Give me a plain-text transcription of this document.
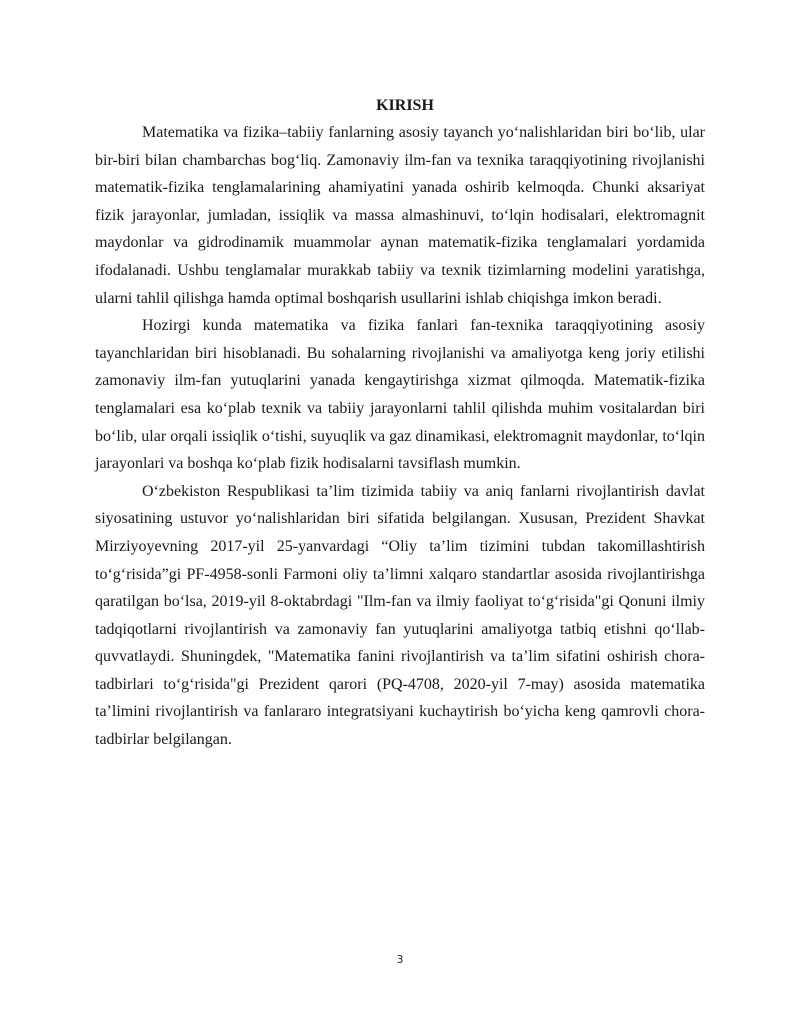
KIRISH

Matematika va fizika–tabiiy fanlarning asosiy tayanch yo‘nalishlaridan biri bo‘lib, ular bir-biri bilan chambarchas bog‘liq. Zamonaviy ilm-fan va texnika taraqqiyotining rivojlanishi matematik-fizika tenglamalarining ahamiyatini yanada oshirib kelmoqda. Chunki aksariyat fizik jarayonlar, jumladan, issiqlik va massa almashinuvi, to‘lqin hodisalari, elektromagnit maydonlar va gidrodinamik muammolar aynan matematik-fizika tenglamalari yordamida ifodalanadi. Ushbu tenglamalar murakkab tabiiy va texnik tizimlarning modelini yaratishga, ularni tahlil qilishga hamda optimal boshqarish usullarini ishlab chiqishga imkon beradi.

Hozirgi kunda matematika va fizika fanlari fan-texnika taraqqiyotining asosiy tayanchlaridan biri hisoblanadi. Bu sohalarning rivojlanishi va amaliyotga keng joriy etilishi zamonaviy ilm-fan yutuqlarini yanada kengaytirishga xizmat qilmoqda. Matematik-fizika tenglamalari esa ko‘plab texnik va tabiiy jarayonlarni tahlil qilishda muhim vositalardan biri bo‘lib, ular orqali issiqlik o‘tishi, suyuqlik va gaz dinamikasi, elektromagnit maydonlar, to‘lqin jarayonlari va boshqa ko‘plab fizik hodisalarni tavsiflash mumkin.

O‘zbekiston Respublikasi ta’lim tizimida tabiiy va aniq fanlarni rivojlantirish davlat siyosatining ustuvor yo‘nalishlaridan biri sifatida belgilangan. Xususan, Prezident Shavkat Mirziyoyevning 2017-yil 25-yanvardagi “Oliy ta’lim tizimini tubdan takomillashtirish to‘g‘risida”gi PF-4958-sonli Farmoni oliy ta’limni xalqaro standartlar asosida rivojlantirishga qaratilgan bo‘lsa, 2019-yil 8-oktabrdagi "Ilm-fan va ilmiy faoliyat to‘g‘risida"gi Qonuni ilmiy tadqiqotlarni rivojlantirish va zamonaviy fan yutuqlarini amaliyotga tatbiq etishni qo‘llab-quvvatlaydi. Shuningdek, "Matematika fanini rivojlantirish va ta’lim sifatini oshirish chora-tadbirlari to‘g‘risida"gi Prezident qarori (PQ-4708, 2020-yil 7-may) asosida matematika ta’limini rivojlantirish va fanlararo integratsiyani kuchaytirish bo‘yicha keng qamrovli chora-tadbirlar belgilangan.

3
